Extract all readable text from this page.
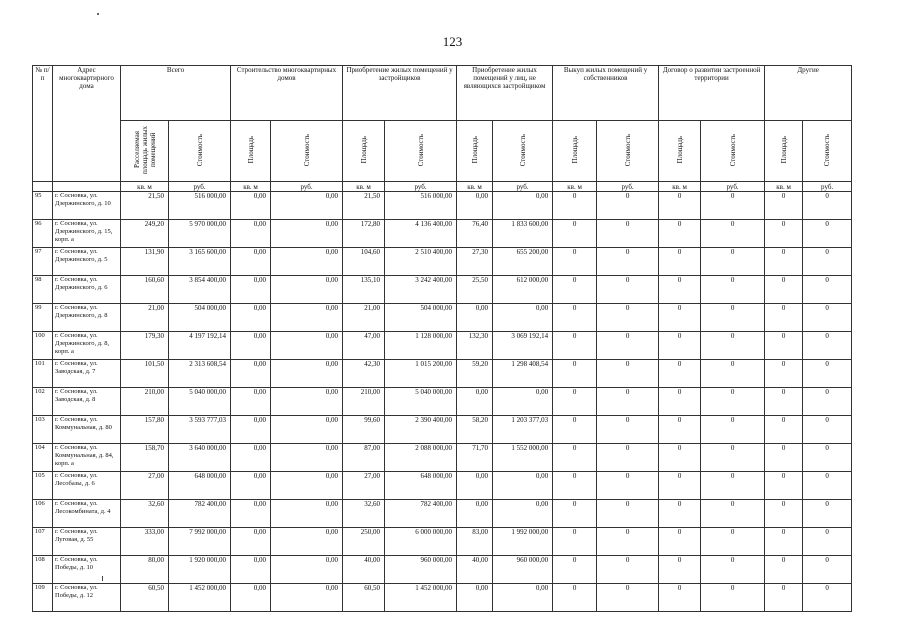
123
№ п/п	Адрес многоквартирного дома	Всего		Строительство многоквартирных домов		Приобретение жилых помещений у застройщиков		Приобретение жилых помещений у лиц, не являющихся застройщиком		Выкуп жилых помещений у собственников		Договор о развитии застроенной территории		Другие	
		Расселяемая площадь жилых помещений	Стоимость	Площадь	Стоимость	Площадь	Стоимость	Площадь	Стоимость	Площадь	Стоимость	Площадь	Стоимость	Площадь	Стоимость
		кв. м	руб.	кв. м	руб.	кв. м	руб.	кв. м	руб.	кв. м	руб.	кв. м	руб.	кв. м	руб.
95	г. Сосновка, ул. Дзержинского, д. 10	21,50	516 000,00	0,00	0,00	21,50	516 000,00	0,00	0,00	0	0	0	0	0	0
96	г. Сосновка, ул. Дзержинского, д. 15, корп. а	249,20	5 970 000,00	0,00	0,00	172,80	4 136 400,00	76,40	1 833 600,00	0	0	0	0	0	0
97	г. Сосновка, ул. Дзержинского, д. 5	131,90	3 165 600,00	0,00	0,00	104,60	2 510 400,00	27,30	655 200,00	0	0	0	0	0	0
98	г. Сосновка, ул. Дзержинского, д. 6	160,60	3 854 400,00	0,00	0,00	135,10	3 242 400,00	25,50	612 000,00	0	0	0	0	0	0
99	г. Сосновка, ул. Дзержинского, д. 8	21,00	504 000,00	0,00	0,00	21,00	504 000,00	0,00	0,00	0	0	0	0	0	0
100	г. Сосновка, ул. Дзержинского, д. 8, корп. а	179,30	4 197 192,14	0,00	0,00	47,00	1 128 000,00	132,30	3 069 192,14	0	0	0	0	0	0
101	г. Сосновка, ул. Заводская, д. 7	101,50	2 313 608,54	0,00	0,00	42,30	1 015 200,00	59,20	1 298 408,54	0	0	0	0	0	0
102	г. Сосновка, ул. Заводская, д. 8	210,00	5 040 000,00	0,00	0,00	210,00	5 040 000,00	0,00	0,00	0	0	0	0	0	0
103	г. Сосновка, ул. Коммунальная, д. 80	157,80	3 593 777,03	0,00	0,00	99,60	2 390 400,00	58,20	1 203 377,03	0	0	0	0	0	0
104	г. Сосновка, ул. Коммунальная, д. 84, корп. а	158,70	3 640 000,00	0,00	0,00	87,00	2 088 000,00	71,70	1 552 000,00	0	0	0	0	0	0
105	г. Сосновка, ул. Лесобазы, д. 6	27,00	648 000,00	0,00	0,00	27,00	648 000,00	0,00	0,00	0	0	0	0	0	0
106	г. Сосновка, ул. Лесокомбината, д. 4	32,60	782 400,00	0,00	0,00	32,60	782 400,00	0,00	0,00	0	0	0	0	0	0
107	г. Сосновка, ул. Луговая, д. 55	333,00	7 992 000,00	0,00	0,00	250,00	6 000 000,00	83,00	1 992 000,00	0	0	0	0	0	0
108	г. Сосновка, ул. Победы, д. 10	80,00	1 920 000,00	0,00	0,00	40,00	960 000,00	40,00	960 000,00	0	0	0	0	0	0
109	г. Сосновка, ул. Победы, д. 12	60,50	1 452 000,00	0,00	0,00	60,50	1 452 000,00	0,00	0,00	0	0	0	0	0	0
